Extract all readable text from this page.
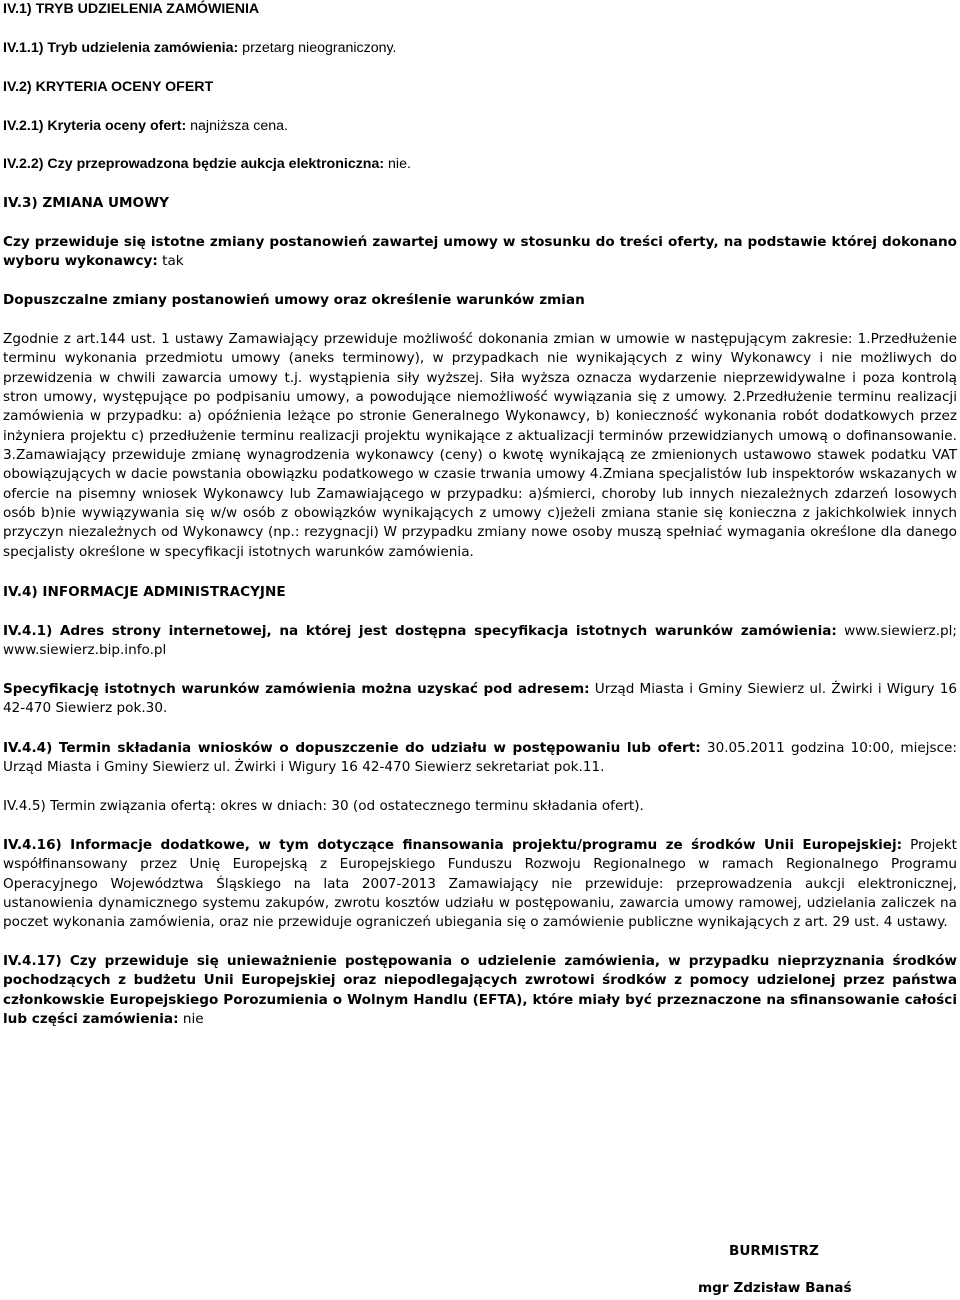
IV.1) TRYB UDZIELENIA ZAMÓWIENIA
IV.1.1) Tryb udzielenia zamówienia: przetarg nieograniczony.
IV.2) KRYTERIA OCENY OFERT
IV.2.1) Kryteria oceny ofert: najniższa cena.
IV.2.2) Czy przeprowadzona będzie aukcja elektroniczna: nie.
IV.3) ZMIANA UMOWY
Czy przewiduje się istotne zmiany postanowień zawartej umowy w stosunku do treści oferty, na podstawie której dokonano wyboru wykonawcy: tak
Dopuszczalne zmiany postanowień umowy oraz określenie warunków zmian
Zgodnie z art.144 ust. 1 ustawy Zamawiający przewiduje możliwość dokonania zmian w umowie w następującym zakresie: 1.Przedłużenie terminu wykonania przedmiotu umowy (aneks terminowy), w przypadkach nie wynikających z winy Wykonawcy i nie możliwych do przewidzenia w chwili zawarcia umowy t.j. wystąpienia siły wyższej. Siła wyższa oznacza wydarzenie nieprzewidywalne i poza kontrolą stron umowy, występujące po podpisaniu umowy, a powodujące niemożliwość wywiązania się z umowy. 2.Przedłużenie terminu realizacji zamówienia w przypadku: a) opóźnienia leżące po stronie Generalnego Wykonawcy, b) konieczność wykonania robót dodatkowych przez inżyniera projektu c) przedłużenie terminu realizacji projektu wynikające z aktualizacji terminów przewidzianych umową o dofinansowanie. 3.Zamawiający przewiduje zmianę wynagrodzenia wykonawcy (ceny) o kwotę wynikającą ze zmienionych ustawowo stawek podatku VAT obowiązujących w dacie powstania obowiązku podatkowego w czasie trwania umowy 4.Zmiana specjalistów lub inspektorów wskazanych w ofercie na pisemny wniosek Wykonawcy lub Zamawiającego w przypadku: a)śmierci, choroby lub innych niezależnych zdarzeń losowych osób b)nie wywiązywania się w/w osób z obowiązków wynikających z umowy c)jeżeli zmiana stanie się konieczna z jakichkolwiek innych przyczyn niezależnych od Wykonawcy (np.: rezygnacji) W przypadku zmiany nowe osoby muszą spełniać wymagania określone dla danego specjalisty określone w specyfikacji istotnych warunków zamówienia.
IV.4) INFORMACJE ADMINISTRACYJNE
IV.4.1) Adres strony internetowej, na której jest dostępna specyfikacja istotnych warunków zamówienia: www.siewierz.pl; www.siewierz.bip.info.pl
Specyfikację istotnych warunków zamówienia można uzyskać pod adresem: Urząd Miasta i Gminy Siewierz ul. Żwirki i Wigury 16 42-470 Siewierz pok.30.
IV.4.4) Termin składania wniosków o dopuszczenie do udziału w postępowaniu lub ofert: 30.05.2011 godzina 10:00, miejsce: Urząd Miasta i Gminy Siewierz ul. Żwirki i Wigury 16 42-470 Siewierz sekretariat pok.11.
IV.4.5) Termin związania ofertą: okres w dniach: 30 (od ostatecznego terminu składania ofert).
IV.4.16) Informacje dodatkowe, w tym dotyczące finansowania projektu/programu ze środków Unii Europejskiej: Projekt współfinansowany przez Unię Europejską z Europejskiego Funduszu Rozwoju Regionalnego w ramach Regionalnego Programu Operacyjnego Województwa Śląskiego na lata 2007-2013 Zamawiający nie przewiduje: przeprowadzenia aukcji elektronicznej, ustanowienia dynamicznego systemu zakupów, zwrotu kosztów udziału w postępowaniu, zawarcia umowy ramowej, udzielania zaliczek na poczet wykonania zamówienia, oraz nie przewiduje ograniczeń ubiegania się o zamówienie publiczne wynikających z art. 29 ust. 4 ustawy.
IV.4.17) Czy przewiduje się unieważnienie postępowania o udzielenie zamówienia, w przypadku nieprzyznania środków pochodzących z budżetu Unii Europejskiej oraz niepodlegających zwrotowi środków z pomocy udzielonej przez państwa członkowskie Europejskiego Porozumienia o Wolnym Handlu (EFTA), które miały być przeznaczone na sfinansowanie całości lub części zamówienia: nie
BURMISTRZ
mgr Zdzisław Banaś
